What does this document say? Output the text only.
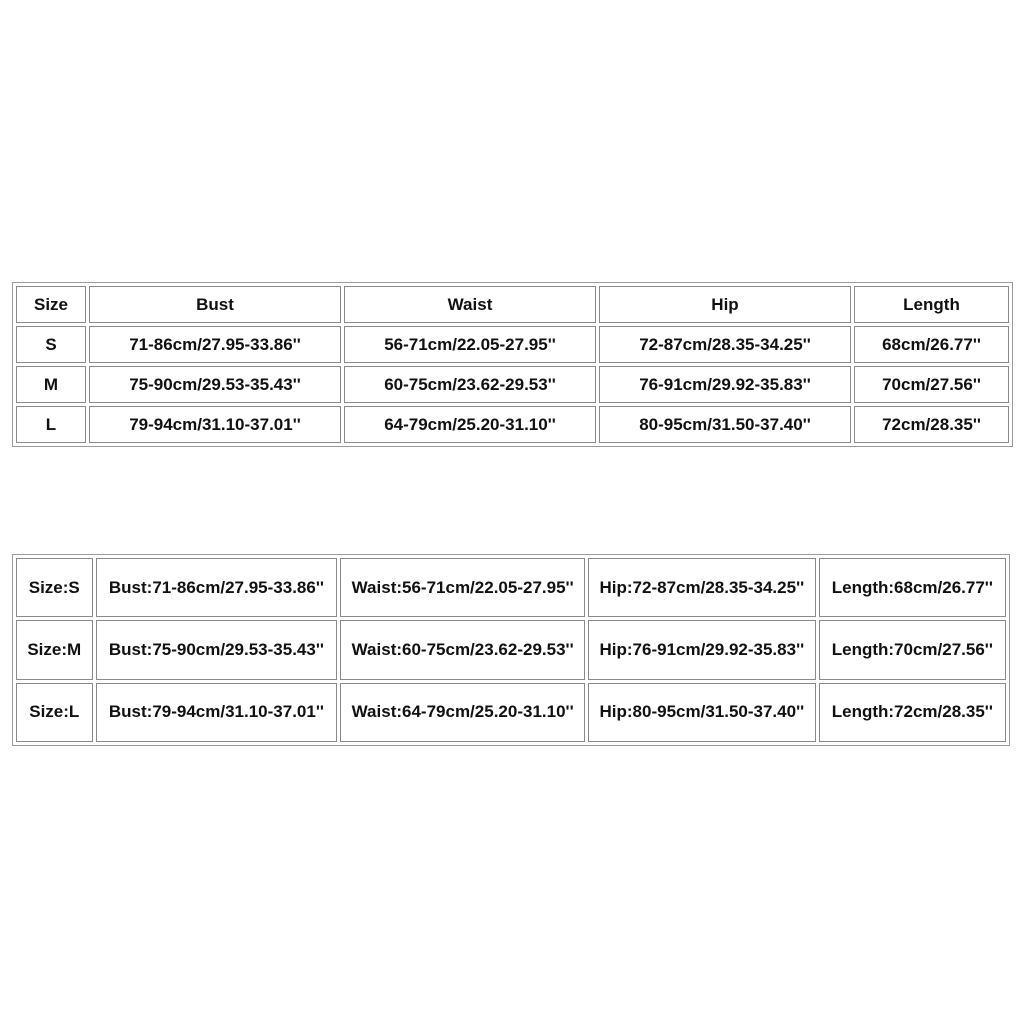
Size	Bust	Waist	Hip	Length
S	71-86cm/27.95-33.86''	56-71cm/22.05-27.95''	72-87cm/28.35-34.25''	68cm/26.77''
M	75-90cm/29.53-35.43''	60-75cm/23.62-29.53''	76-91cm/29.92-35.83''	70cm/27.56''
L	79-94cm/31.10-37.01''	64-79cm/25.20-31.10''	80-95cm/31.50-37.40''	72cm/28.35''
Size:S	Bust:71-86cm/27.95-33.86''	Waist:56-71cm/22.05-27.95''	Hip:72-87cm/28.35-34.25''	Length:68cm/26.77''
Size:M	Bust:75-90cm/29.53-35.43''	Waist:60-75cm/23.62-29.53''	Hip:76-91cm/29.92-35.83''	Length:70cm/27.56''
Size:L	Bust:79-94cm/31.10-37.01''	Waist:64-79cm/25.20-31.10''	Hip:80-95cm/31.50-37.40''	Length:72cm/28.35''
